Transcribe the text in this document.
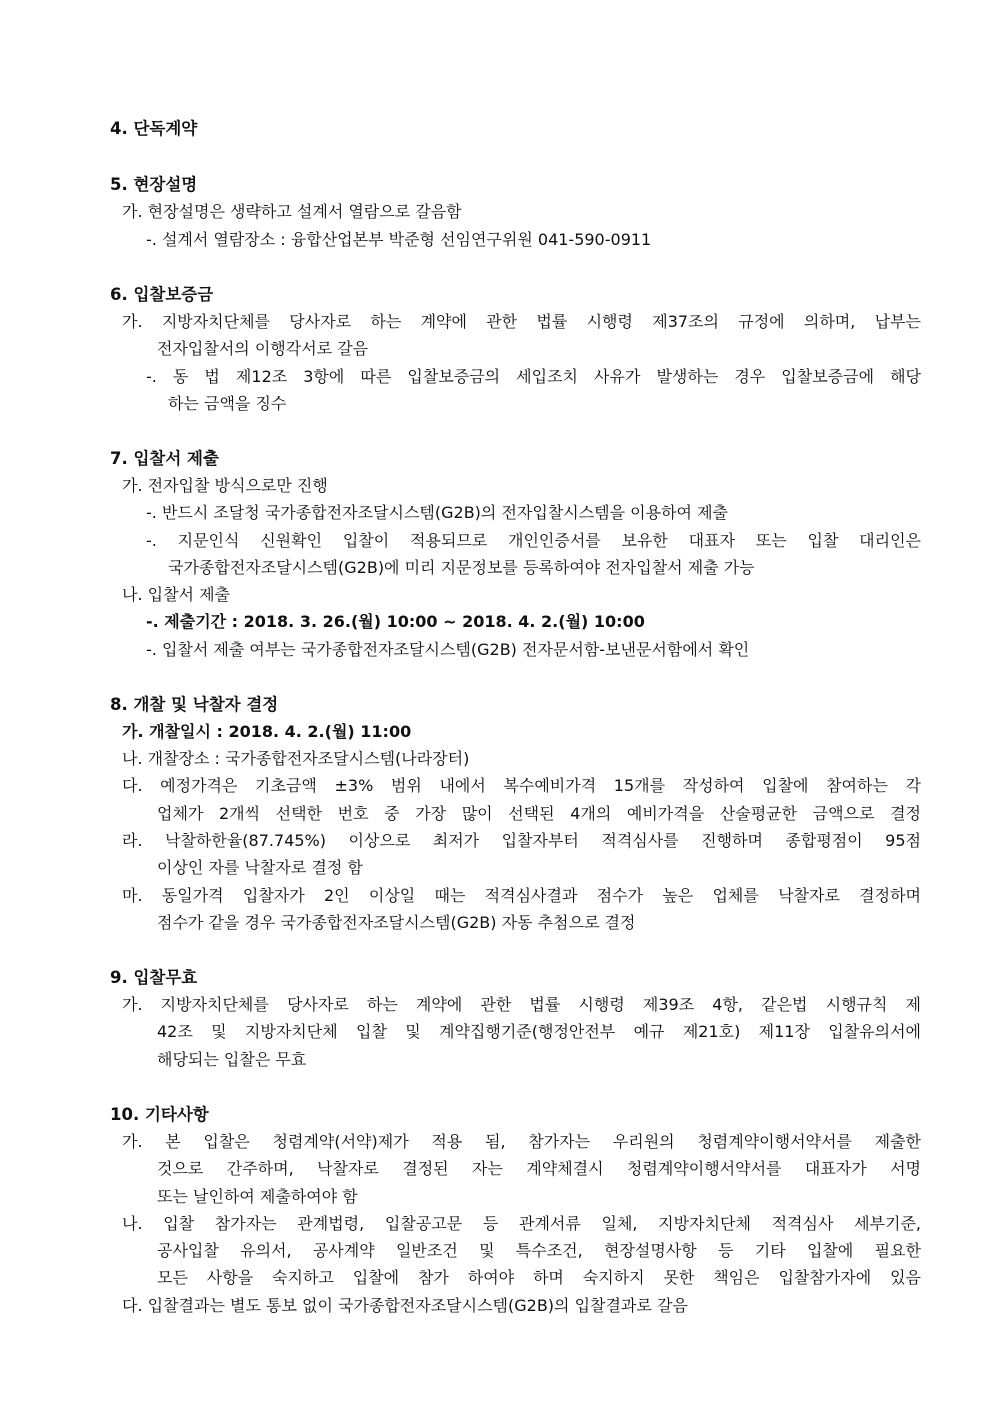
4. 단독계약
5. 현장설명
가. 현장설명은 생략하고 설계서 열람으로 갈음함
-. 설계서 열람장소 : 융합산업본부 박준형 선임연구위원 041-590-0911
6. 입찰보증금
가. 지방자치단체를 당사자로 하는 계약에 관한 법률 시행령 제37조의 규정에 의하며, 납부는
전자입찰서의 이행각서로 갈음
-. 동 법 제12조 3항에 따른 입찰보증금의 세입조치 사유가 발생하는 경우 입찰보증금에 해당
하는 금액을 징수
7. 입찰서 제출
가. 전자입찰 방식으로만 진행
-. 반드시 조달청 국가종합전자조달시스템(G2B)의 전자입찰시스템을 이용하여 제출
-. 지문인식 신원확인 입찰이 적용되므로 개인인증서를 보유한 대표자 또는 입찰 대리인은
국가종합전자조달시스템(G2B)에 미리 지문정보를 등록하여야 전자입찰서 제출 가능
나. 입찰서 제출
-. 제출기간 : 2018. 3. 26.(월) 10:00 ~ 2018. 4. 2.(월) 10:00
-. 입찰서 제출 여부는 국가종합전자조달시스템(G2B) 전자문서함-보낸문서함에서 확인
8. 개찰 및 낙찰자 결정
가. 개찰일시 : 2018. 4. 2.(월) 11:00
나. 개찰장소 : 국가종합전자조달시스템(나라장터)
다. 예정가격은 기초금액 ±3% 범위 내에서 복수예비가격 15개를 작성하여 입찰에 참여하는 각
업체가 2개씩 선택한 번호 중 가장 많이 선택된 4개의 예비가격을 산술평균한 금액으로 결정
라. 낙찰하한율(87.745%) 이상으로 최저가 입찰자부터 적격심사를 진행하며 종합평점이 95점
이상인 자를 낙찰자로 결정 함
마. 동일가격 입찰자가 2인 이상일 때는 적격심사결과 점수가 높은 업체를 낙찰자로 결정하며
점수가 같을 경우 국가종합전자조달시스템(G2B) 자동 추첨으로 결정
9. 입찰무효
가. 지방자치단체를 당사자로 하는 계약에 관한 법률 시행령 제39조 4항, 같은법 시행규칙 제
42조 및 지방자치단체 입찰 및 계약집행기준(행정안전부 예규 제21호) 제11장 입찰유의서에
해당되는 입찰은 무효
10. 기타사항
가. 본 입찰은 청렴계약(서약)제가 적용 됨, 참가자는 우리원의 청렴계약이행서약서를 제출한
것으로 간주하며, 낙찰자로 결정된 자는 계약체결시 청렴계약이행서약서를 대표자가 서명
또는 날인하여 제출하여야 함
나. 입찰 참가자는 관계법령, 입찰공고문 등 관계서류 일체, 지방자치단체 적격심사 세부기준,
공사입찰 유의서, 공사계약 일반조건 및 특수조건, 현장설명사항 등 기타 입찰에 필요한
모든 사항을 숙지하고 입찰에 참가 하여야 하며 숙지하지 못한 책임은 입찰참가자에 있음
다. 입찰결과는 별도 통보 없이 국가종합전자조달시스템(G2B)의 입찰결과로 갈음
